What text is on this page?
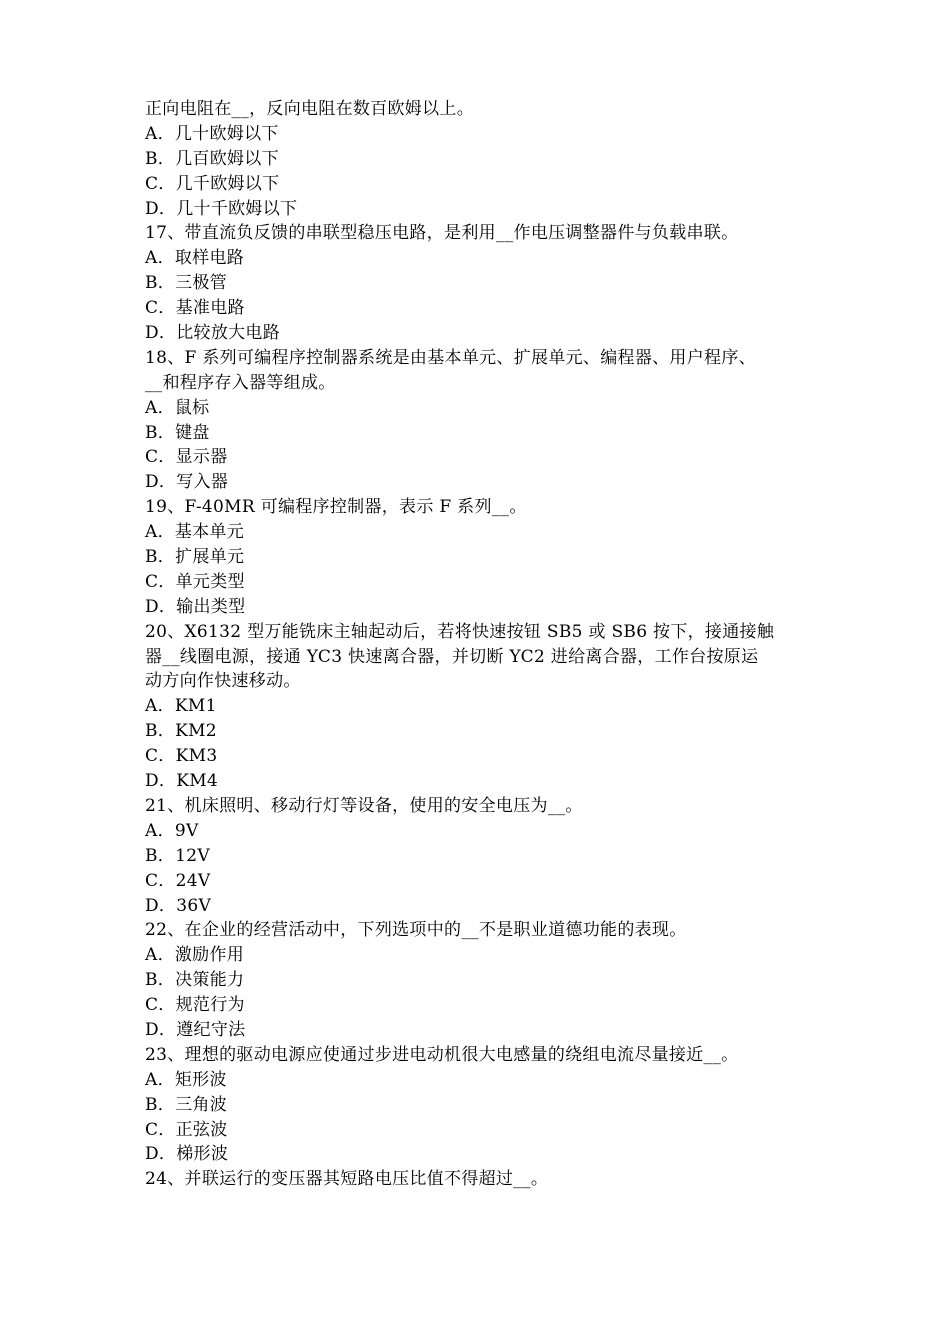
正向电阻在__，反向电阻在数百欧姆以上。
A．几十欧姆以下
B．几百欧姆以下
C．几千欧姆以下
D．几十千欧姆以下
17、带直流负反馈的串联型稳压电路，是利用__作电压调整器件与负载串联。
A．取样电路
B．三极管
C．基准电路
D．比较放大电路
18、F 系列可编程序控制器系统是由基本单元、扩展单元、编程器、用户程序、
__和程序存入器等组成。
A．鼠标
B．键盘
C．显示器
D．写入器
19、F-40MR 可编程序控制器，表示 F 系列__。
A．基本单元
B．扩展单元
C．单元类型
D．输出类型
20、X6132 型万能铣床主轴起动后，若将快速按钮 SB5 或 SB6 按下，接通接触
器__线圈电源，接通 YC3 快速离合器，并切断 YC2 进给离合器，工作台按原运
动方向作快速移动。
A．KM1
B．KM2
C．KM3
D．KM4
21、机床照明、移动行灯等设备，使用的安全电压为__。
A．9V
B．12V
C．24V
D．36V
22、在企业的经营活动中，下列选项中的__不是职业道德功能的表现。
A．激励作用
B．决策能力
C．规范行为
D．遵纪守法
23、理想的驱动电源应使通过步进电动机很大电感量的绕组电流尽量接近__。
A．矩形波
B．三角波
C．正弦波
D．梯形波
24、并联运行的变压器其短路电压比值不得超过__。
